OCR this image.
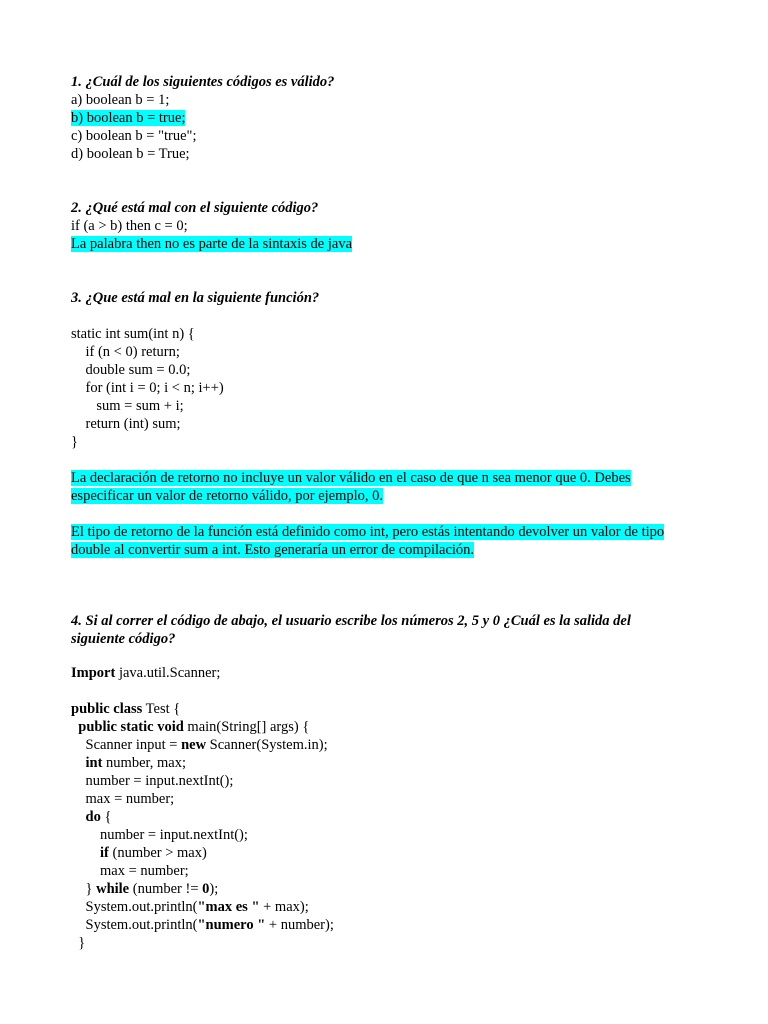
1. ¿Cuál de los siguientes códigos es válido?
a) boolean b = 1;
b) boolean b = true;
c) boolean b = "true";
d) boolean b = True;
2. ¿Qué está mal con el siguiente código?
if (a > b) then c = 0;
La palabra then no es parte de la sintaxis de java
3. ¿Que está mal en la siguiente función?
static int sum(int n) {
if (n < 0) return;
double sum = 0.0;
for (int i = 0; i < n; i++)
sum = sum + i;
return (int) sum;
}
La declaración de retorno no incluye un valor válido en el caso de que n sea menor que 0. Debes
especificar un valor de retorno válido, por ejemplo, 0.
El tipo de retorno de la función está definido como int, pero estás intentando devolver un valor de tipo
double al convertir sum a int. Esto generaría un error de compilación.
4. Si al correr el código de abajo, el usuario escribe los números 2, 5 y 0 ¿Cuál es la salida del
siguiente código?
Import java.util.Scanner;
public class Test {
public static void main(String[] args) {
Scanner input = new Scanner(System.in);
int number, max;
number = input.nextInt();
max = number;
do {
number = input.nextInt();
if (number > max)
max = number;
} while (number != 0);
System.out.println("max es " + max);
System.out.println("numero " + number);
}
